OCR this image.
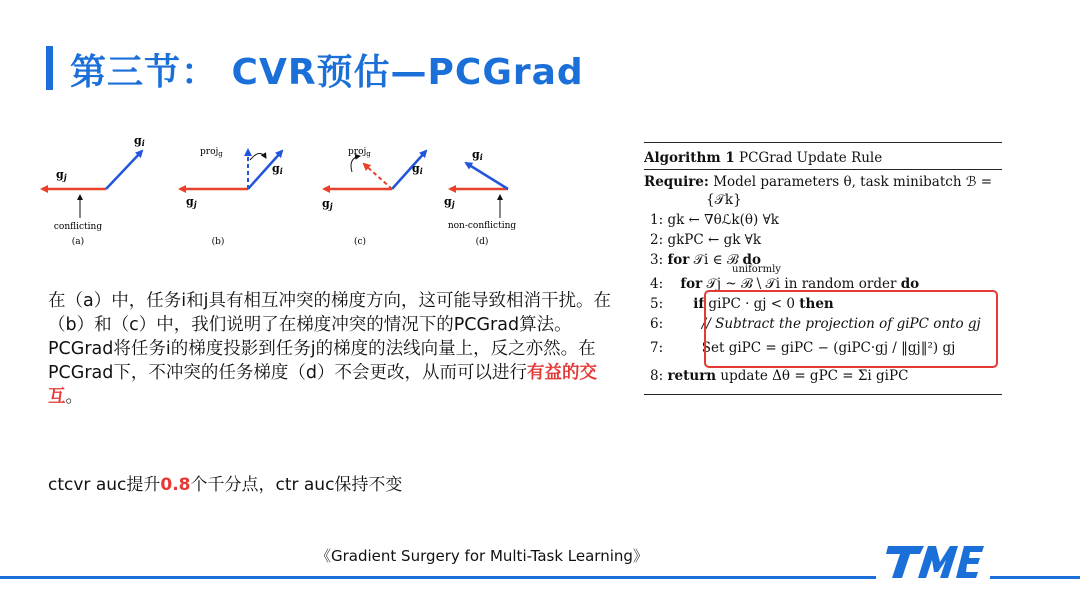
第三节： CVR预估—PCGrad
gi
gj
conflicting
(a)
proj$_g$
gi
gj
(b)
proj$_g$
gi
gj
(c)
gi
gj
non-conflicting
(d)
Algorithm 1 PCGrad Update Rule
Require: Model parameters θ, task minibatch ℬ =
{𝒯k}
1: gk ← ∇θℒk(θ) ∀k
2: gkPC ← gk ∀k
3: for 𝒯i ∈ ℬ do
uniformly
4: for 𝒯j ~ ℬ \ 𝒯i in random order do
5: if giPC · gj < 0 then
6:	// Subtract the projection of giPC onto gj
7:	Set giPC = giPC − (giPC·gj / ‖gj‖²) gj
8: return update Δθ = gPC = Σi giPC
在（a）中，任务i和j具有相互冲突的梯度方向，这可能导致相消干扰。在（b）和（c）中，我们说明了在梯度冲突的情况下的PCGrad算法。 PCGrad将任务i的梯度投影到任务j的梯度的法线向量上，反之亦然。在PCGrad下，不冲突的任务梯度（d）不会更改，从而可以进行有益的交互。
ctcvr auc提升0.8个千分点，ctr auc保持不变
《Gradient Surgery for Multi-Task Learning》
